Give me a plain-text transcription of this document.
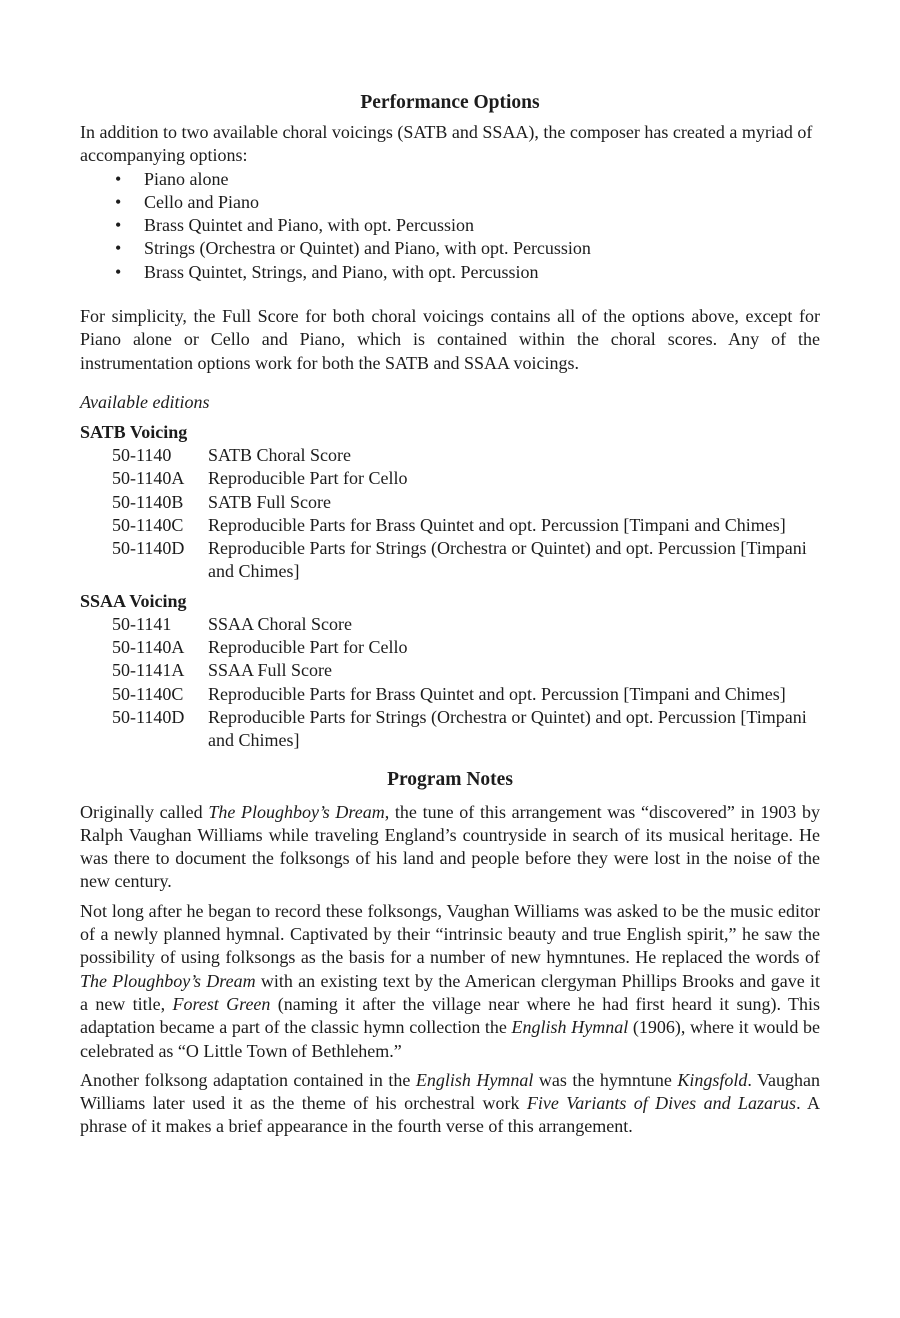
Performance Options

In addition to two available choral voicings (SATB and SSAA), the composer has created a myriad of accompanying options:

•	Piano alone
•	Cello and Piano
•	Brass Quintet and Piano, with opt. Percussion
•	Strings (Orchestra or Quintet) and Piano, with opt. Percussion
•	Brass Quintet, Strings, and Piano, with opt. Percussion

For simplicity, the Full Score for both choral voicings contains all of the options above, except for Piano alone or Cello and Piano, which is contained within the choral scores. Any of the instrumentation options work for both the SATB and SSAA voicings.

Available editions
SATB Voicing
50-1140	SATB Choral Score
50-1140A	Reproducible Part for Cello
50-1140B	SATB Full Score
50-1140C	Reproducible Parts for Brass Quintet and opt. Percussion [Timpani and Chimes]
50-1140D	Reproducible Parts for Strings (Orchestra or Quintet) and opt. Percussion [Timpani and Chimes]
SSAA Voicing
50-1141	SSAA Choral Score
50-1140A	Reproducible Part for Cello
50-1141A	SSAA Full Score
50-1140C	Reproducible Parts for Brass Quintet and opt. Percussion [Timpani and Chimes]
50-1140D	Reproducible Parts for Strings (Orchestra or Quintet) and opt. Percussion [Timpani and Chimes]
Program Notes

Originally called The Ploughboy’s Dream, the tune of this arrangement was “discovered” in 1903 by Ralph Vaughan Williams while traveling England’s countryside in search of its musical heritage. He was there to document the folksongs of his land and people before they were lost in the noise of the new century.

Not long after he began to record these folksongs, Vaughan Williams was asked to be the music editor of a newly planned hymnal. Captivated by their “intrinsic beauty and true English spirit,” he saw the possibility of using folksongs as the basis for a number of new hymntunes. He replaced the words of The Ploughboy’s Dream with an existing text by the American clergyman Phillips Brooks and gave it a new title, Forest Green (naming it after the village near where he had first heard it sung). This adaptation became a part of the classic hymn collection the English Hymnal (1906), where it would be celebrated as “O Little Town of Bethlehem.”

Another folksong adaptation contained in the English Hymnal was the hymntune Kingsfold. Vaughan Williams later used it as the theme of his orchestral work Five Variants of Dives and Lazarus. A phrase of it makes a brief appearance in the fourth verse of this arrangement.
